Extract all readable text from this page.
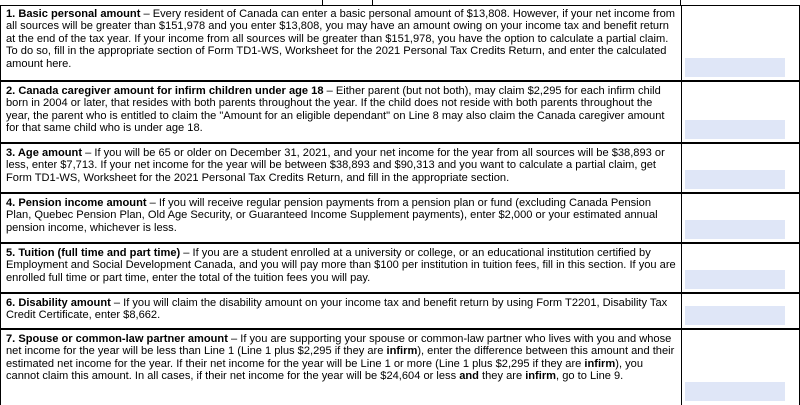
1. Basic personal amount – Every resident of Canada can enter a basic personal amount of $13,808. However, if your net income from all sources will be greater than $151,978 and you enter $13,808, you may have an amount owing on your income tax and benefit return at the end of the tax year. If your income from all sources will be greater than $151,978, you have the option to calculate a partial claim. To do so, fill in the appropriate section of Form TD1-WS, Worksheet for the 2021 Personal Tax Credits Return, and enter the calculated amount here.
2. Canada caregiver amount for infirm children under age 18 – Either parent (but not both), may claim $2,295 for each infirm child born in 2004 or later, that resides with both parents throughout the year. If the child does not reside with both parents throughout the year, the parent who is entitled to claim the "Amount for an eligible dependant" on Line 8 may also claim the Canada caregiver amount for that same child who is under age 18.
3. Age amount – If you will be 65 or older on December 31, 2021, and your net income for the year from all sources will be $38,893 or less, enter $7,713. If your net income for the year will be between $38,893 and $90,313 and you want to calculate a partial claim, get Form TD1-WS, Worksheet for the 2021 Personal Tax Credits Return, and fill in the appropriate section.
4. Pension income amount – If you will receive regular pension payments from a pension plan or fund (excluding Canada Pension Plan, Quebec Pension Plan, Old Age Security, or Guaranteed Income Supplement payments), enter $2,000 or your estimated annual pension income, whichever is less.
5. Tuition (full time and part time) – If you are a student enrolled at a university or college, or an educational institution certified by Employment and Social Development Canada, and you will pay more than $100 per institution in tuition fees, fill in this section. If you are enrolled full time or part time, enter the total of the tuition fees you will pay.
6. Disability amount – If you will claim the disability amount on your income tax and benefit return by using Form T2201, Disability Tax Credit Certificate, enter $8,662.
7. Spouse or common-law partner amount – If you are supporting your spouse or common-law partner who lives with you and whose net income for the year will be less than Line 1 (Line 1 plus $2,295 if they are infirm), enter the difference between this amount and their estimated net income for the year. If their net income for the year will be Line 1 or more (Line 1 plus $2,295 if they are infirm), you cannot claim this amount. In all cases, if their net income for the year will be $24,604 or less and they are infirm, go to Line 9.
